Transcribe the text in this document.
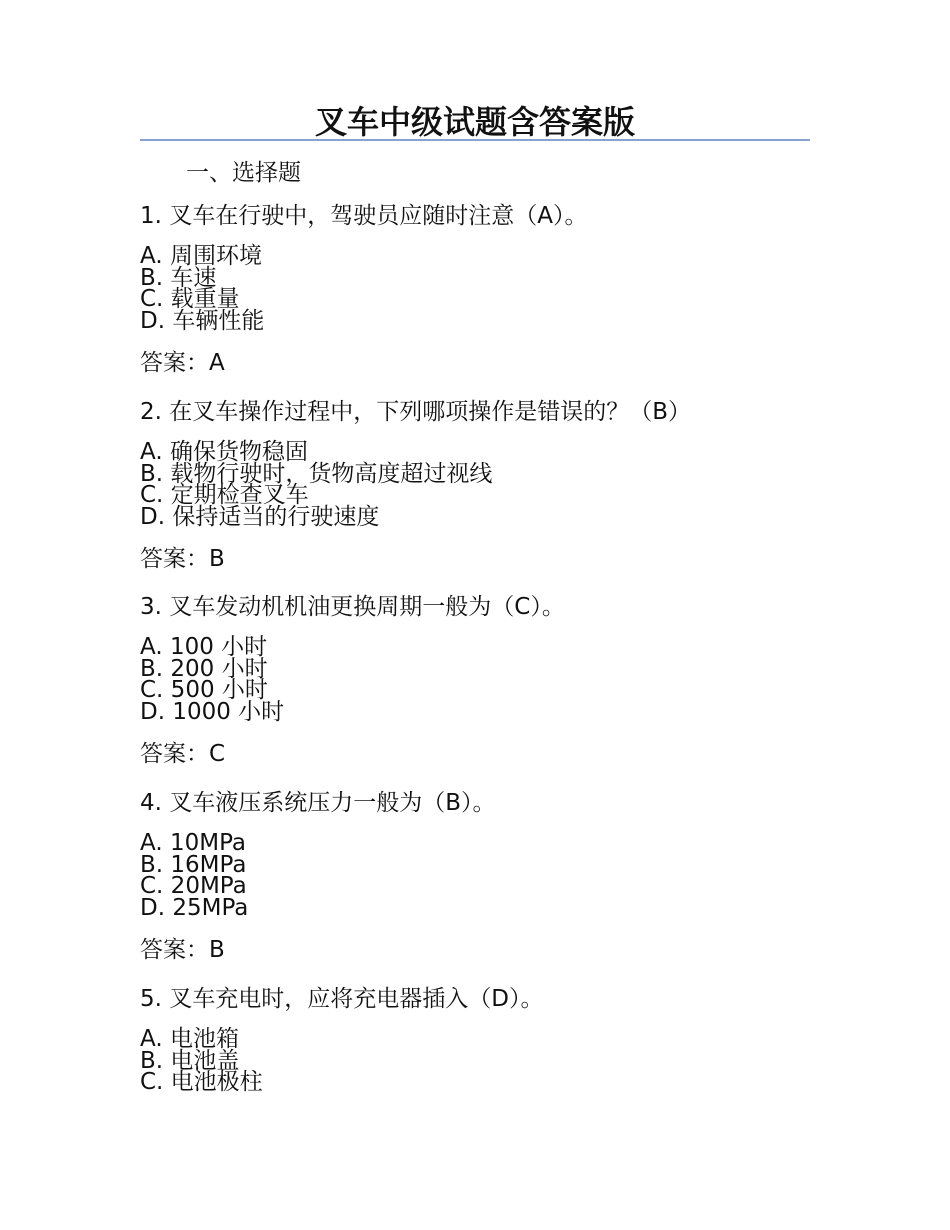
叉车中级试题含答案版
一、选择题
1. 叉车在行驶中，驾驶员应随时注意（A）。
A. 周围环境
B. 车速
C. 载重量
D. 车辆性能
答案：A
2. 在叉车操作过程中，下列哪项操作是错误的？（B）
A. 确保货物稳固
B. 载物行驶时，货物高度超过视线
C. 定期检查叉车
D. 保持适当的行驶速度
答案：B
3. 叉车发动机机油更换周期一般为（C）。
A. 100 小时
B. 200 小时
C. 500 小时
D. 1000 小时
答案：C
4. 叉车液压系统压力一般为（B）。
A. 10MPa
B. 16MPa
C. 20MPa
D. 25MPa
答案：B
5. 叉车充电时，应将充电器插入（D）。
A. 电池箱
B. 电池盖
C. 电池极柱
